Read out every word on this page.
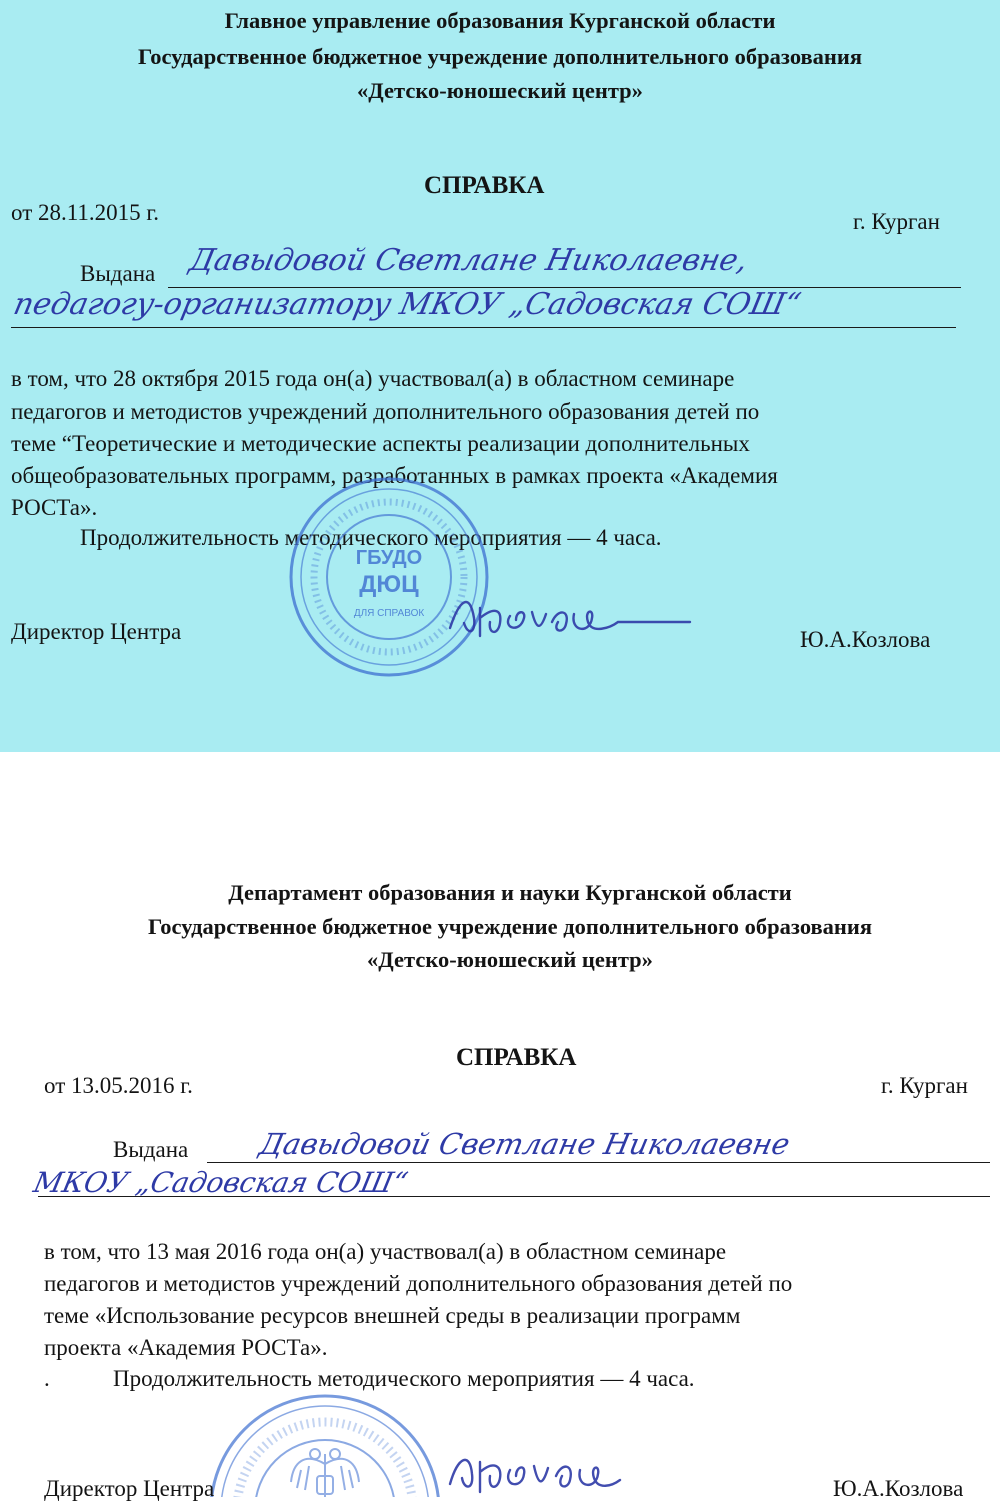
Главное управление образования Курганской области
Государственное бюджетное учреждение дополнительного образования
«Детско-юношеский центр»
СПРАВКА
от 28.11.2015 г.	г. Курган
Выдана Давыдовой Светлане Николаевне,
педагогу-организатору МКОУ „Садовская СОШ“
в том, что 28 октября 2015 года он(а) участвовал(а) в областном семинаре
педагогов и методистов учреждений дополнительного образования детей по
теме “Теоретические и методические аспекты реализации дополнительных
общеобразовательных программ, разработанных в рамках проекта «Академия
РОСТа».
Продолжительность методического мероприятия — 4 часа.
ГБУДО
ДЮЦ
ДЛЯ СПРАВОК
Директор Центра	Ю.А.Козлова
Департамент образования и науки Курганской области
Государственное бюджетное учреждение дополнительного образования
«Детско-юношеский центр»
СПРАВКА
от 13.05.2016 г.	г. Курган
Выдана Давыдовой Светлане Николаевне
МКОУ „Садовская СОШ“
в том, что 13 мая 2016 года он(а) участвовал(а) в областном семинаре
педагогов и методистов учреждений дополнительного образования детей по
теме «Использование ресурсов внешней среды в реализации программ
проекта «Академия РОСТа».
.	Продолжительность методического мероприятия — 4 часа.
Директор Центра	Ю.А.Козлова
